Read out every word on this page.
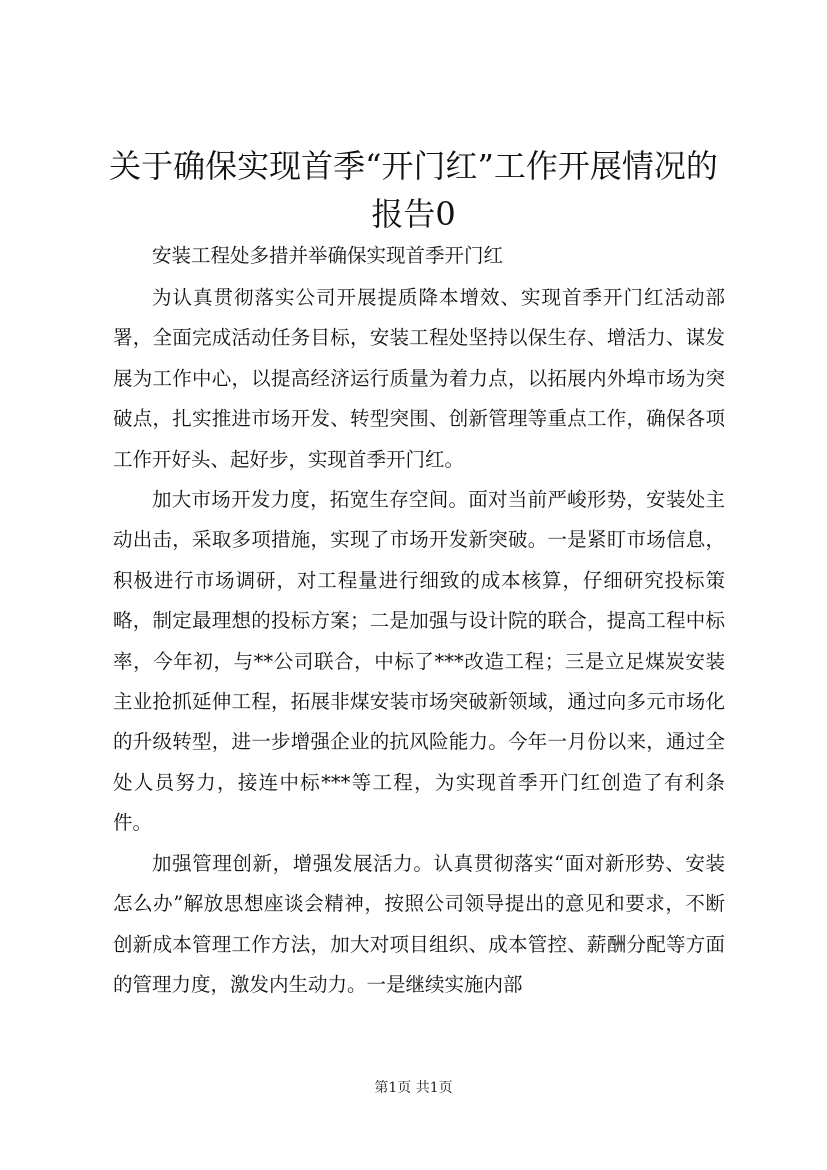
关于确保实现首季“开门红”工作开展情况的报告0

安装工程处多措并举确保实现首季开门红

为认真贯彻落实公司开展提质降本增效、实现首季开门红活动部署，全面完成活动任务目标，安装工程处坚持以保生存、增活力、谋发展为工作中心，以提高经济运行质量为着力点，以拓展内外埠市场为突破点，扎实推进市场开发、转型突围、创新管理等重点工作，确保各项工作开好头、起好步，实现首季开门红。

加大市场开发力度，拓宽生存空间。面对当前严峻形势，安装处主动出击，采取多项措施，实现了市场开发新突破。一是紧盯市场信息，积极进行市场调研，对工程量进行细致的成本核算，仔细研究投标策略，制定最理想的投标方案；二是加强与设计院的联合，提高工程中标率，今年初，与**公司联合，中标了***改造工程；三是立足煤炭安装主业抢抓延伸工程，拓展非煤安装市场突破新领域，通过向多元市场化的升级转型，进一步增强企业的抗风险能力。今年一月份以来，通过全处人员努力，接连中标***等工程，为实现首季开门红创造了有利条件。

加强管理创新，增强发展活力。认真贯彻落实“面对新形势、安装怎么办”解放思想座谈会精神，按照公司领导提出的意见和要求，不断创新成本管理工作方法，加大对项目组织、成本管控、薪酬分配等方面的管理力度，激发内生动力。一是继续实施内部

第1页 共1页
